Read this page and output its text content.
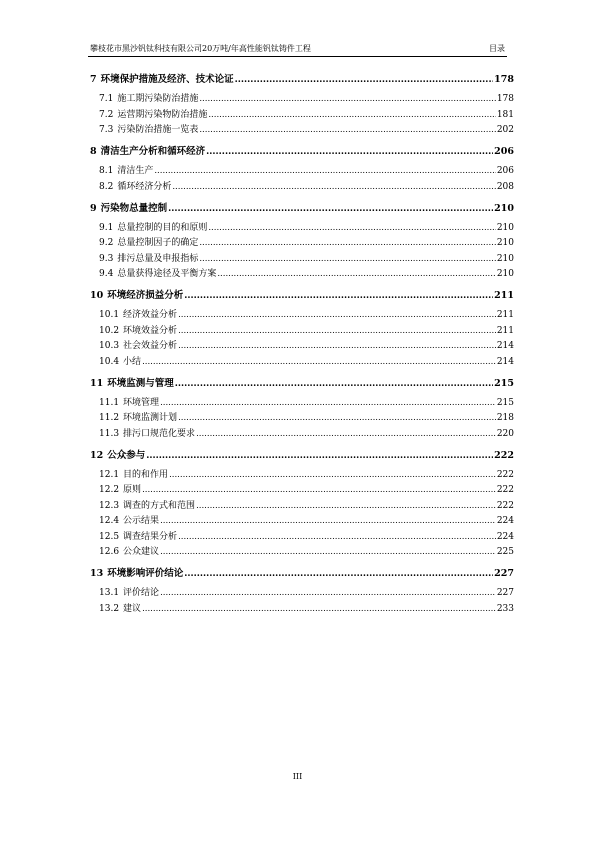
攀枝花市黑沙钒钛科技有限公司20万吨/年高性能钒钛铸件工程	目录
7 环境保护措施及经济、技术论证 .....	178
7.1 施工期污染防治措施 .....	178
7.2 运营期污染物防治措施 .....	181
7.3 污染防治措施一览表 .....	202
8 清洁生产分析和循环经济 .....	206
8.1 清洁生产 .....	206
8.2 循环经济分析 .....	208
9 污染物总量控制 .....	210
9.1 总量控制的目的和原则 .....	210
9.2 总量控制因子的确定 .....	210
9.3 排污总量及申报指标 .....	210
9.4 总量获得途径及平衡方案 .....	210
10 环境经济损益分析 .....	211
10.1 经济效益分析 .....	211
10.2 环境效益分析 .....	211
10.3 社会效益分析 .....	214
10.4 小结 .....	214
11 环境监测与管理 .....	215
11.1 环境管理 .....	215
11.2 环境监测计划 .....	218
11.3 排污口规范化要求 .....	220
12 公众参与 .....	222
12.1 目的和作用 .....	222
12.2 原则 .....	222
12.3 调查的方式和范围 .....	222
12.4 公示结果 .....	224
12.5 调查结果分析 .....	224
12.6 公众建议 .....	225
13 环境影响评价结论 .....	227
13.1 评价结论 .....	227
13.2 建议 .....	233
III
